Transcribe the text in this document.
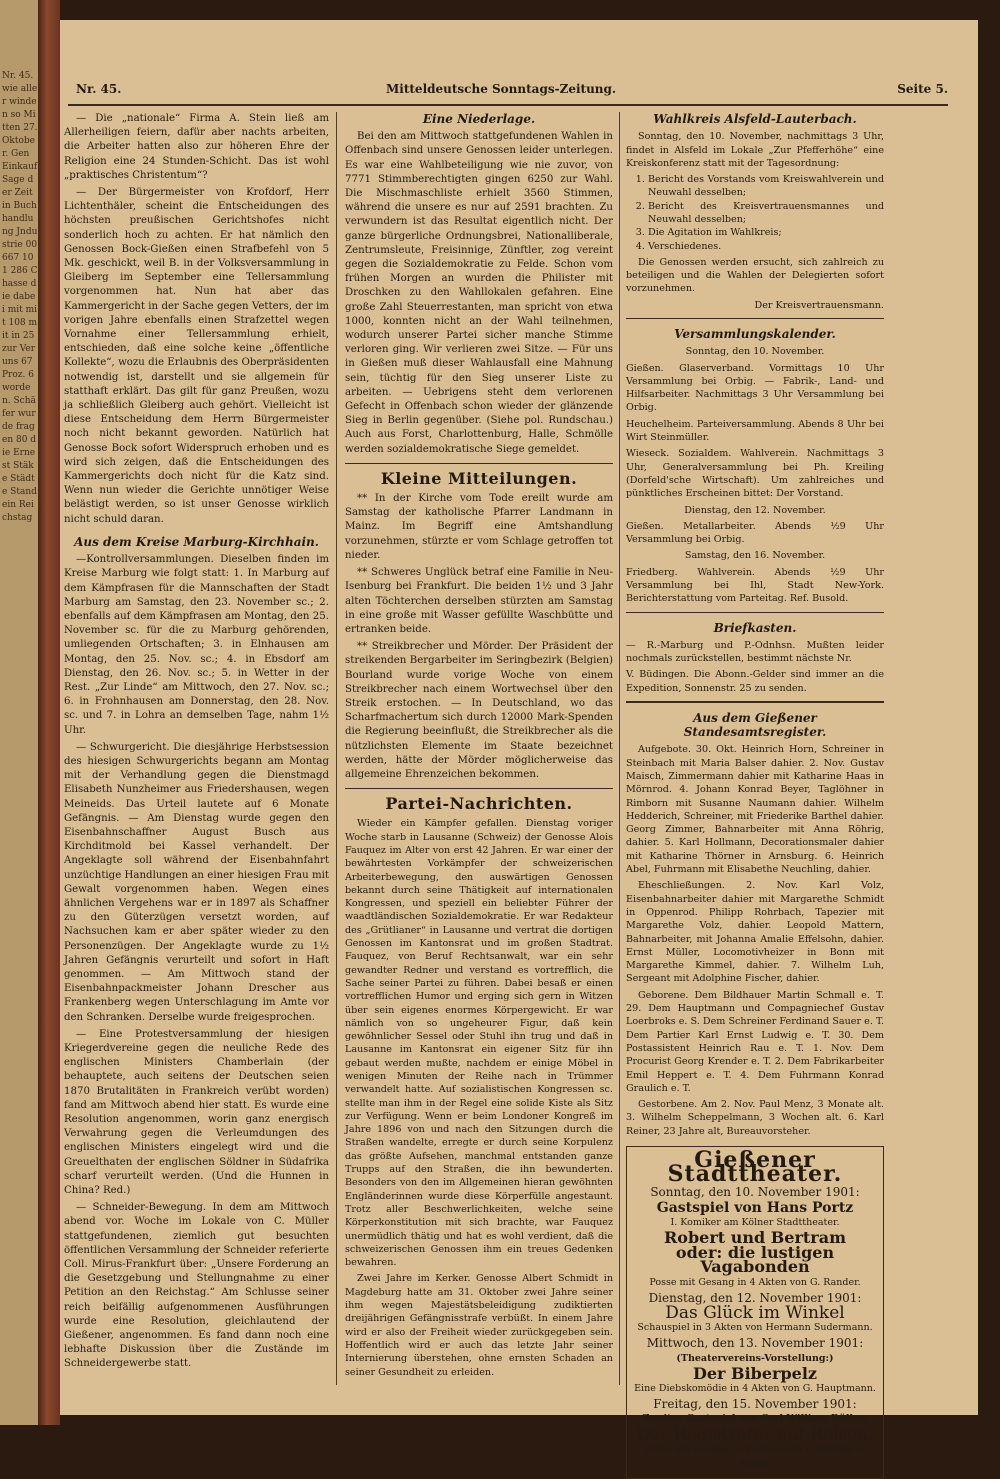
Nr. 45. wie aller winden so Mitten 27. Oktober. Gen Einkauf Sage der Zeit in Buchhandlung Jndustrie 00 667 101 286 Chasse die dabei mit mit 108 mit in 25 zur Ver uns 67 Proz. 6 worden. Schäfer wurde fragen 80 die Ernest Stäke Städte Stand ein Reichstag
Nr. 45.	Mitteldeutsche Sonntags-Zeitung.	Seite 5.

— Die „nationale“ Firma A. Stein ließ am Allerheiligen feiern, dafür aber nachts arbeiten, die Arbeiter hatten also zur höheren Ehre der Religion eine 24 Stunden-Schicht. Das ist wohl „praktisches Christentum“?

— Der Bürgermeister von Krofdorf, Herr Lichtenthäler, scheint die Entscheidungen des höchsten preußischen Gerichtshofes nicht sonderlich hoch zu achten. Er hat nämlich den Genossen Bock-Gießen einen Strafbefehl von 5 Mk. geschickt, weil B. in der Volksversammlung in Gleiberg im September eine Tellersammlung vorgenommen hat. Nun hat aber das Kammergericht in der Sache gegen Vetters, der im vorigen Jahre ebenfalls einen Strafzettel wegen Vornahme einer Tellersammlung erhielt, entschieden, daß eine solche keine „öffentliche Kollekte“, wozu die Erlaubnis des Oberpräsidenten notwendig ist, darstellt und sie allgemein für statthaft erklärt. Das gilt für ganz Preußen, wozu ja schließlich Gleiberg auch gehört. Vielleicht ist diese Entscheidung dem Herrn Bürgermeister noch nicht bekannt geworden. Natürlich hat Genosse Bock sofort Widerspruch erhoben und es wird sich zeigen, daß die Entscheidungen des Kammergerichts doch nicht für die Katz sind. Wenn nun wieder die Gerichte unnötiger Weise belästigt werden, so ist unser Genosse wirklich nicht schuld daran.

Aus dem Kreise Marburg-Kirchhain.

—Kontrollversammlungen. Dieselben finden im Kreise Marburg wie folgt statt: 1. In Marburg auf dem Kämpfrasen für die Mannschaften der Stadt Marburg am Samstag, den 23. November sc.; 2. ebenfalls auf dem Kämpfrasen am Montag, den 25. November sc. für die zu Marburg gehörenden, umliegenden Ortschaften; 3. in Elnhausen am Montag, den 25. Nov. sc.; 4. in Ebsdorf am Dienstag, den 26. Nov. sc.; 5. in Wetter in der Rest. „Zur Linde“ am Mittwoch, den 27. Nov. sc.; 6. in Frohnhausen am Donnerstag, den 28. Nov. sc. und 7. in Lohra an demselben Tage, nahm 1½ Uhr.

— Schwurgericht. Die diesjährige Herbstsession des hiesigen Schwurgerichts begann am Montag mit der Verhandlung gegen die Dienstmagd Elisabeth Nunzheimer aus Friedershausen, wegen Meineids. Das Urteil lautete auf 6 Monate Gefängnis. — Am Dienstag wurde gegen den Eisenbahnschaffner August Busch aus Kirchditmold bei Kassel verhandelt. Der Angeklagte soll während der Eisenbahnfahrt unzüchtige Handlungen an einer hiesigen Frau mit Gewalt vorgenommen haben. Wegen eines ähnlichen Vergehens war er in 1897 als Schaffner zu den Güterzügen versetzt worden, auf Nachsuchen kam er aber später wieder zu den Personenzügen. Der Angeklagte wurde zu 1½ Jahren Gefängnis verurteilt und sofort in Haft genommen. — Am Mittwoch stand der Eisenbahnpackmeister Johann Drescher aus Frankenberg wegen Unterschlagung im Amte vor den Schranken. Derselbe wurde freigesprochen.

— Eine Protestversammlung der hiesigen Kriegerdvereine gegen die neuliche Rede des englischen Ministers Chamberlain (der behauptete, auch seitens der Deutschen seien 1870 Brutalitäten in Frankreich verübt worden) fand am Mittwoch abend hier statt. Es wurde eine Resolution angenommen, worin ganz energisch Verwahrung gegen die Verleumdungen des englischen Ministers eingelegt wird und die Greuelthaten der englischen Söldner in Südafrika scharf verurteilt werden. (Und die Hunnen in China? Red.)

— Schneider-Bewegung. In dem am Mittwoch abend vor. Woche im Lokale von C. Müller stattgefundenen, ziemlich gut besuchten öffentlichen Versammlung der Schneider referierte Coll. Mirus-Frankfurt über: „Unsere Forderung an die Gesetzgebung und Stellungnahme zu einer Petition an den Reichstag.“ Am Schlusse seiner reich beifällig aufgenommenen Ausführungen wurde eine Resolution, gleichlautend der Gießener, angenommen. Es fand dann noch eine lebhafte Diskussion über die Zustände im Schneidergewerbe statt.

Eine Niederlage.

Bei den am Mittwoch stattgefundenen Wahlen in Offenbach sind unsere Genossen leider unterlegen. Es war eine Wahlbeteiligung wie nie zuvor, von 7771 Stimmberechtigten gingen 6250 zur Wahl. Die Mischmaschliste erhielt 3560 Stimmen, während die unsere es nur auf 2591 brachten. Zu verwundern ist das Resultat eigentlich nicht. Der ganze bürgerliche Ordnungsbrei, Nationalliberale, Zentrumsleute, Freisinnige, Zünftler, zog vereint gegen die Sozialdemokratie zu Felde. Schon vom frühen Morgen an wurden die Philister mit Droschken zu den Wahllokalen gefahren. Eine große Zahl Steuerrestanten, man spricht von etwa 1000, konnten nicht an der Wahl teilnehmen, wodurch unserer Partei sicher manche Stimme verloren ging. Wir verlieren zwei Sitze. — Für uns in Gießen muß dieser Wahlausfall eine Mahnung sein, tüchtig für den Sieg unserer Liste zu arbeiten. — Uebrigens steht dem verlorenen Gefecht in Offenbach schon wieder der glänzende Sieg in Berlin gegenüber. (Siehe pol. Rundschau.) Auch aus Forst, Charlottenburg, Halle, Schmölle werden sozialdemokratische Siege gemeldet.

Kleine Mitteilungen.

** In der Kirche vom Tode ereilt wurde am Samstag der katholische Pfarrer Landmann in Mainz. Im Begriff eine Amtshandlung vorzunehmen, stürzte er vom Schlage getroffen tot nieder.

** Schweres Unglück betraf eine Familie in Neu-Isenburg bei Frankfurt. Die beiden 1½ und 3 Jahr alten Töchterchen derselben stürzten am Samstag in eine große mit Wasser gefüllte Waschbütte und ertranken beide.

** Streikbrecher und Mörder. Der Präsident der streikenden Bergarbeiter im Seringbezirk (Belgien) Bourland wurde vorige Woche von einem Streikbrecher nach einem Wortwechsel über den Streik erstochen. — In Deutschland, wo das Scharfmachertum sich durch 12000 Mark-Spenden die Regierung beeinflußt, die Streikbrecher als die nützlichsten Elemente im Staate bezeichnet werden, hätte der Mörder möglicherweise das allgemeine Ehrenzeichen bekommen.

Partei-Nachrichten.

Wieder ein Kämpfer gefallen. Dienstag voriger Woche starb in Lausanne (Schweiz) der Genosse Alois Fauquez im Alter von erst 42 Jahren. Er war einer der bewährtesten Vorkämpfer der schweizerischen Arbeiterbewegung, den auswärtigen Genossen bekannt durch seine Thätigkeit auf internationalen Kongressen, und speziell ein beliebter Führer der waadtländischen Sozialdemokratie. Er war Redakteur des „Grütlianer“ in Lausanne und vertrat die dortigen Genossen im Kantonsrat und im großen Stadtrat. Fauquez, von Beruf Rechtsanwalt, war ein sehr gewandter Redner und verstand es vortrefflich, die Sache seiner Partei zu führen. Dabei besaß er einen vortrefflichen Humor und erging sich gern in Witzen über sein eigenes enormes Körpergewicht. Er war nämlich von so ungeheurer Figur, daß kein gewöhnlicher Sessel oder Stuhl ihn trug und daß in Lausanne im Kantonsrat ein eigener Sitz für ihn gebaut werden mußte, nachdem er einige Möbel in wenigen Minuten der Reihe nach in Trümmer verwandelt hatte. Auf sozialistischen Kongressen sc. stellte man ihm in der Regel eine solide Kiste als Sitz zur Verfügung. Wenn er beim Londoner Kongreß im Jahre 1896 von und nach den Sitzungen durch die Straßen wandelte, erregte er durch seine Korpulenz das größte Aufsehen, manchmal entstanden ganze Trupps auf den Straßen, die ihn bewunderten. Besonders von den im Allgemeinen hieran gewöhnten Engländerinnen wurde diese Körperfülle angestaunt. Trotz aller Beschwerlichkeiten, welche seine Körperkonstitution mit sich brachte, war Fauquez unermüdlich thätig und hat es wohl verdient, daß die schweizerischen Genossen ihm ein treues Gedenken bewahren.

Zwei Jahre im Kerker. Genosse Albert Schmidt in Magdeburg hatte am 31. Oktober zwei Jahre seiner ihm wegen Majestätsbeleidigung zudiktierten dreijährigen Gefängnisstrafe verbüßt. In einem Jahre wird er also der Freiheit wieder zurückgegeben sein. Hoffentlich wird er auch das letzte Jahr seiner Internierung überstehen, ohne ernsten Schaden an seiner Gesundheit zu erleiden.

Wahlkreis Alsfeld-Lauterbach.

Sonntag, den 10. November, nachmittags 3 Uhr, findet in Alsfeld im Lokale „Zur Pfefferhöhe“ eine Kreiskonferenz statt mit der Tagesordnung:

1. Bericht des Vorstands vom Kreiswahlverein und Neuwahl desselben;
2. Bericht des Kreisvertrauensmannes und Neuwahl desselben;
3. Die Agitation im Wahlkreis;
4. Verschiedenes.

Die Genossen werden ersucht, sich zahlreich zu beteiligen und die Wahlen der Delegierten sofort vorzunehmen.

Der Kreisvertrauensmann.

Versammlungskalender.

Sonntag, den 10. November.

Gießen. Glaserverband. Vormittags 10 Uhr Versammlung bei Orbig. — Fabrik-, Land- und Hilfsarbeiter. Nachmittags 3 Uhr Versammlung bei Orbig.

Heuchelheim. Parteiversammlung. Abends 8 Uhr bei Wirt Steinmüller.

Wieseck. Sozialdem. Wahlverein. Nachmittags 3 Uhr, Generalversammlung bei Ph. Kreiling (Dorfeld'sche Wirtschaft). Um zahlreiches und pünktliches Erscheinen bittet: Der Vorstand.

Dienstag, den 12. November.

Gießen. Metallarbeiter. Abends ½9 Uhr Versammlung bei Orbig.

Samstag, den 16. November.

Friedberg. Wahlverein. Abends ½9 Uhr Versammlung bei Ihl, Stadt New-York. Berichterstattung vom Parteitag. Ref. Busold.

Briefkasten.

— R.-Marburg und P.-Odnhsn. Mußten leider nochmals zurückstellen, bestimmt nächste Nr.

V. Büdingen. Die Abonn.-Gelder sind immer an die Expedition, Sonnenstr. 25 zu senden.

Aus dem Gießener Standesamtsregister.

Aufgebote. 30. Okt. Heinrich Horn, Schreiner in Steinbach mit Maria Balser dahier. 2. Nov. Gustav Maisch, Zimmermann dahier mit Katharine Haas in Mörnrod. 4. Johann Konrad Beyer, Taglöhner in Rimborn mit Susanne Naumann dahier. Wilhelm Hedderich, Schreiner, mit Friederike Barthel dahier. Georg Zimmer, Bahnarbeiter mit Anna Röhrig, dahier. 5. Karl Hollmann, Decorationsmaler dahier mit Katharine Thörner in Arnsburg. 6. Heinrich Abel, Fuhrmann mit Elisabethe Neuchling, dahier.

Eheschließungen. 2. Nov. Karl Volz, Eisenbahnarbeiter dahier mit Margarethe Schmidt in Oppenrod. Philipp Rohrbach, Tapezier mit Margarethe Volz, dahier. Leopold Mattern, Bahnarbeiter, mit Johanna Amalie Effelsohn, dahier. Ernst Müller, Locomotivheizer in Bonn mit Margarethe Kimmel, dahier. 7. Wilhelm Luh, Sergeant mit Adolphine Fischer, dahier.

Geborene. Dem Bildhauer Martin Schmall e. T. 29. Dem Hauptmann und Compagniechef Gustav Loerbroks e. S. Dem Schreiner Ferdinand Sauer e. T. Dem Partier Karl Ernst Ludwig e. T. 30. Dem Postassistent Heinrich Rau e. T. 1. Nov. Dem Procurist Georg Krender e. T. 2. Dem Fabrikarbeiter Emil Heppert e. T. 4. Dem Fuhrmann Konrad Graulich e. T.

Gestorbene. Am 2. Nov. Paul Menz, 3 Monate alt. 3. Wilhelm Scheppelmann, 3 Wochen alt. 6. Karl Reiner, 23 Jahre alt, Bureauvorsteher.

Gießener Stadttheater.
Sonntag, den 10. November 1901:
Gastspiel von Hans Portz
I. Komiker am Kölner Stadttheater.
Robert und Bertram
oder: die lustigen Vagabonden
Posse mit Gesang in 4 Akten von G. Rander.
Dienstag, den 12. November 1901:
Das Glück im Winkel
Schauspiel in 3 Akten von Hermann Sudermann.
Mittwoch, den 13. November 1901:
(Theatervereins-Vorstellung:)
Der Biberpelz
Eine Diebskomödie in 4 Akten von G. Hauptmann.
Freitag, den 15. November 1901:
Zweites Gastspiel von Carl William Büller:
Der Registrator auf Reisen.
Posse mit Gesang in 3 Akten von L'Arronge u. Moser.
